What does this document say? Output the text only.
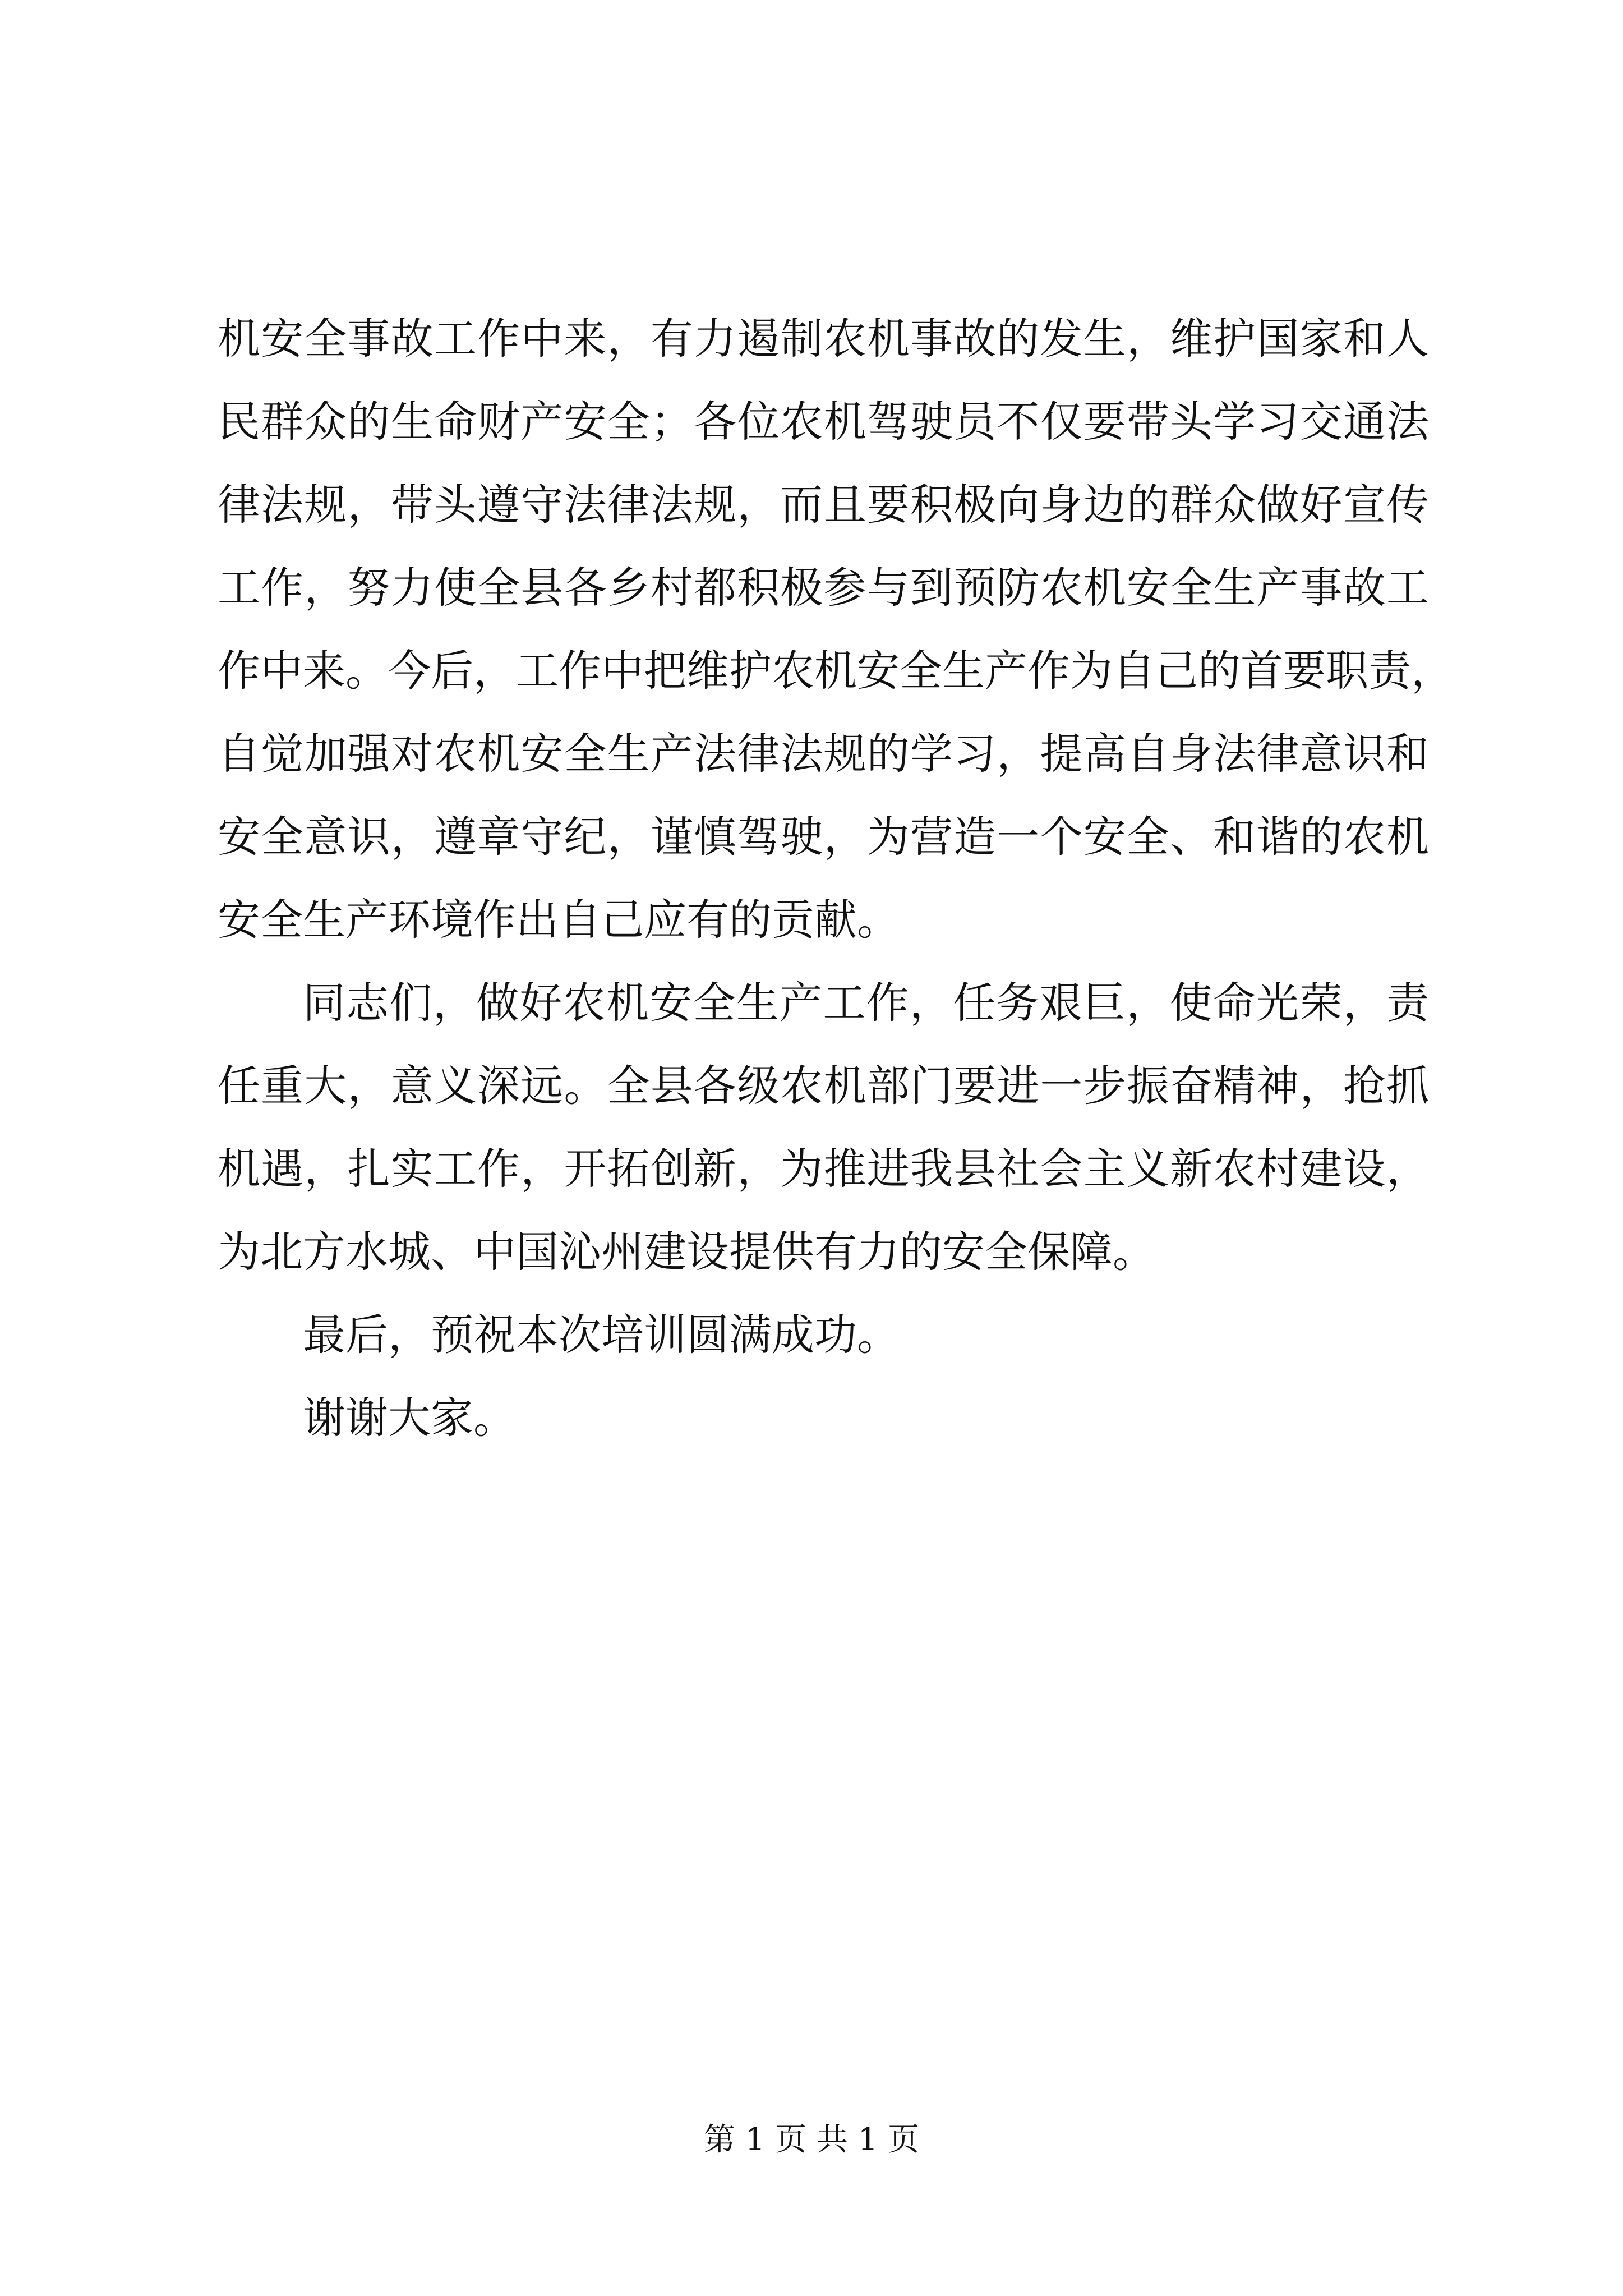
机安全事故工作中来，有力遏制农机事故的发生，维护国家和人
民群众的生命财产安全；各位农机驾驶员不仅要带头学习交通法
律法规，带头遵守法律法规，而且要积极向身边的群众做好宣传
工作，努力使全县各乡村都积极参与到预防农机安全生产事故工
作中来。今后，工作中把维护农机安全生产作为自己的首要职责，
自觉加强对农机安全生产法律法规的学习，提高自身法律意识和
安全意识，遵章守纪，谨慎驾驶，为营造一个安全、和谐的农机
安全生产环境作出自己应有的贡献。
同志们，做好农机安全生产工作，任务艰巨，使命光荣，责
任重大，意义深远。全县各级农机部门要进一步振奋精神，抢抓
机遇，扎实工作，开拓创新，为推进我县社会主义新农村建设，
为北方水城、中国沁州建设提供有力的安全保障。
最后，预祝本次培训圆满成功。
谢谢大家。
第 1 页 共 1 页
